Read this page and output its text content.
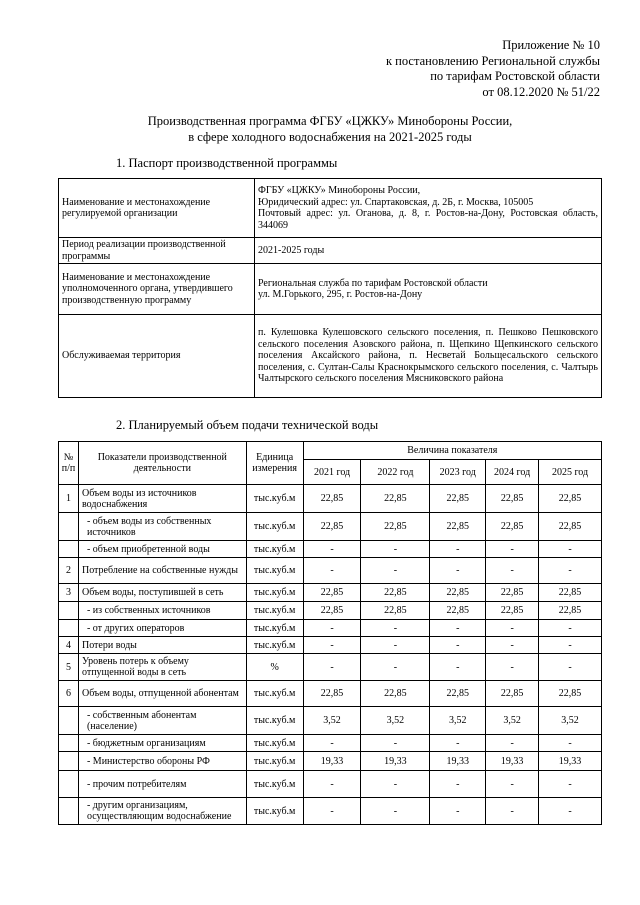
Приложение № 10
к постановлению Региональной службы
по тарифам Ростовской области
от 08.12.2020 № 51/22
Производственная программа ФГБУ «ЦЖКУ» Минобороны России,
в сфере холодного водоснабжения на 2021-2025 годы
1. Паспорт производственной программы
Наименование и местонахождение регулируемой организации	ФГБУ «ЦЖКУ» Минобороны России,
Юридический адрес: ул. Спартаковская, д. 2Б, г. Москва, 105005
Почтовый адрес: ул. Оганова, д. 8, г. Ростов-на-Дону, Ростовская область, 344069

Период реализации производственной программы	2021-2025 годы

Наименование и местонахождение уполномоченного органа, утвердившего производственную программу	Региональная служба по тарифам Ростовской области
ул. М.Горького, 295, г. Ростов-на-Дону

Обслуживаемая территория	п. Кулешовка Кулешовского сельского поселения, п. Пешково Пешковского сельского поселения Азовского района, п. Щепкино Щепкинского сельского поселения Аксайского района, п. Несветай Больщесальского сельского поселения, с. Султан-Салы Краснокрымского сельского поселения, с. Чалтырь Чалтырского сельского поселения Мясниковского района
2. Планируемый объем подачи технической воды
№ п/п	Показатели производственной деятельности	Единица измерения	Величина показателя				
			2021 год	2022 год	2023 год	2024 год	2025 год
1	Объем воды из источников водоснабжения	тыс.куб.м	22,85	22,85	22,85	22,85	22,85
	- объем воды из собственных источников	тыс.куб.м	22,85	22,85	22,85	22,85	22,85
	- объем приобретенной воды	тыс.куб.м	-	-	-	-	-
2	Потребление на собственные нужды	тыс.куб.м	-	-	-	-	-
3	Объем воды, поступившей в сеть	тыс.куб.м	22,85	22,85	22,85	22,85	22,85
	- из собственных источников	тыс.куб.м	22,85	22,85	22,85	22,85	22,85
	- от других операторов	тыс.куб.м	-	-	-	-	-
4	Потери воды	тыс.куб.м	-	-	-	-	-
5	Уровень потерь к объему отпущенной воды в сеть	%	-	-	-	-	-
6	Объем воды, отпущенной абонентам	тыс.куб.м	22,85	22,85	22,85	22,85	22,85
	- собственным абонентам (население)	тыс.куб.м	3,52	3,52	3,52	3,52	3,52
	- бюджетным организациям	тыс.куб.м	-	-	-	-	-
	- Министерство обороны РФ	тыс.куб.м	19,33	19,33	19,33	19,33	19,33
	- прочим потребителям	тыс.куб.м	-	-	-	-	-
	- другим организациям, осуществляющим водоснабжение	тыс.куб.м	-	-	-	-	-
